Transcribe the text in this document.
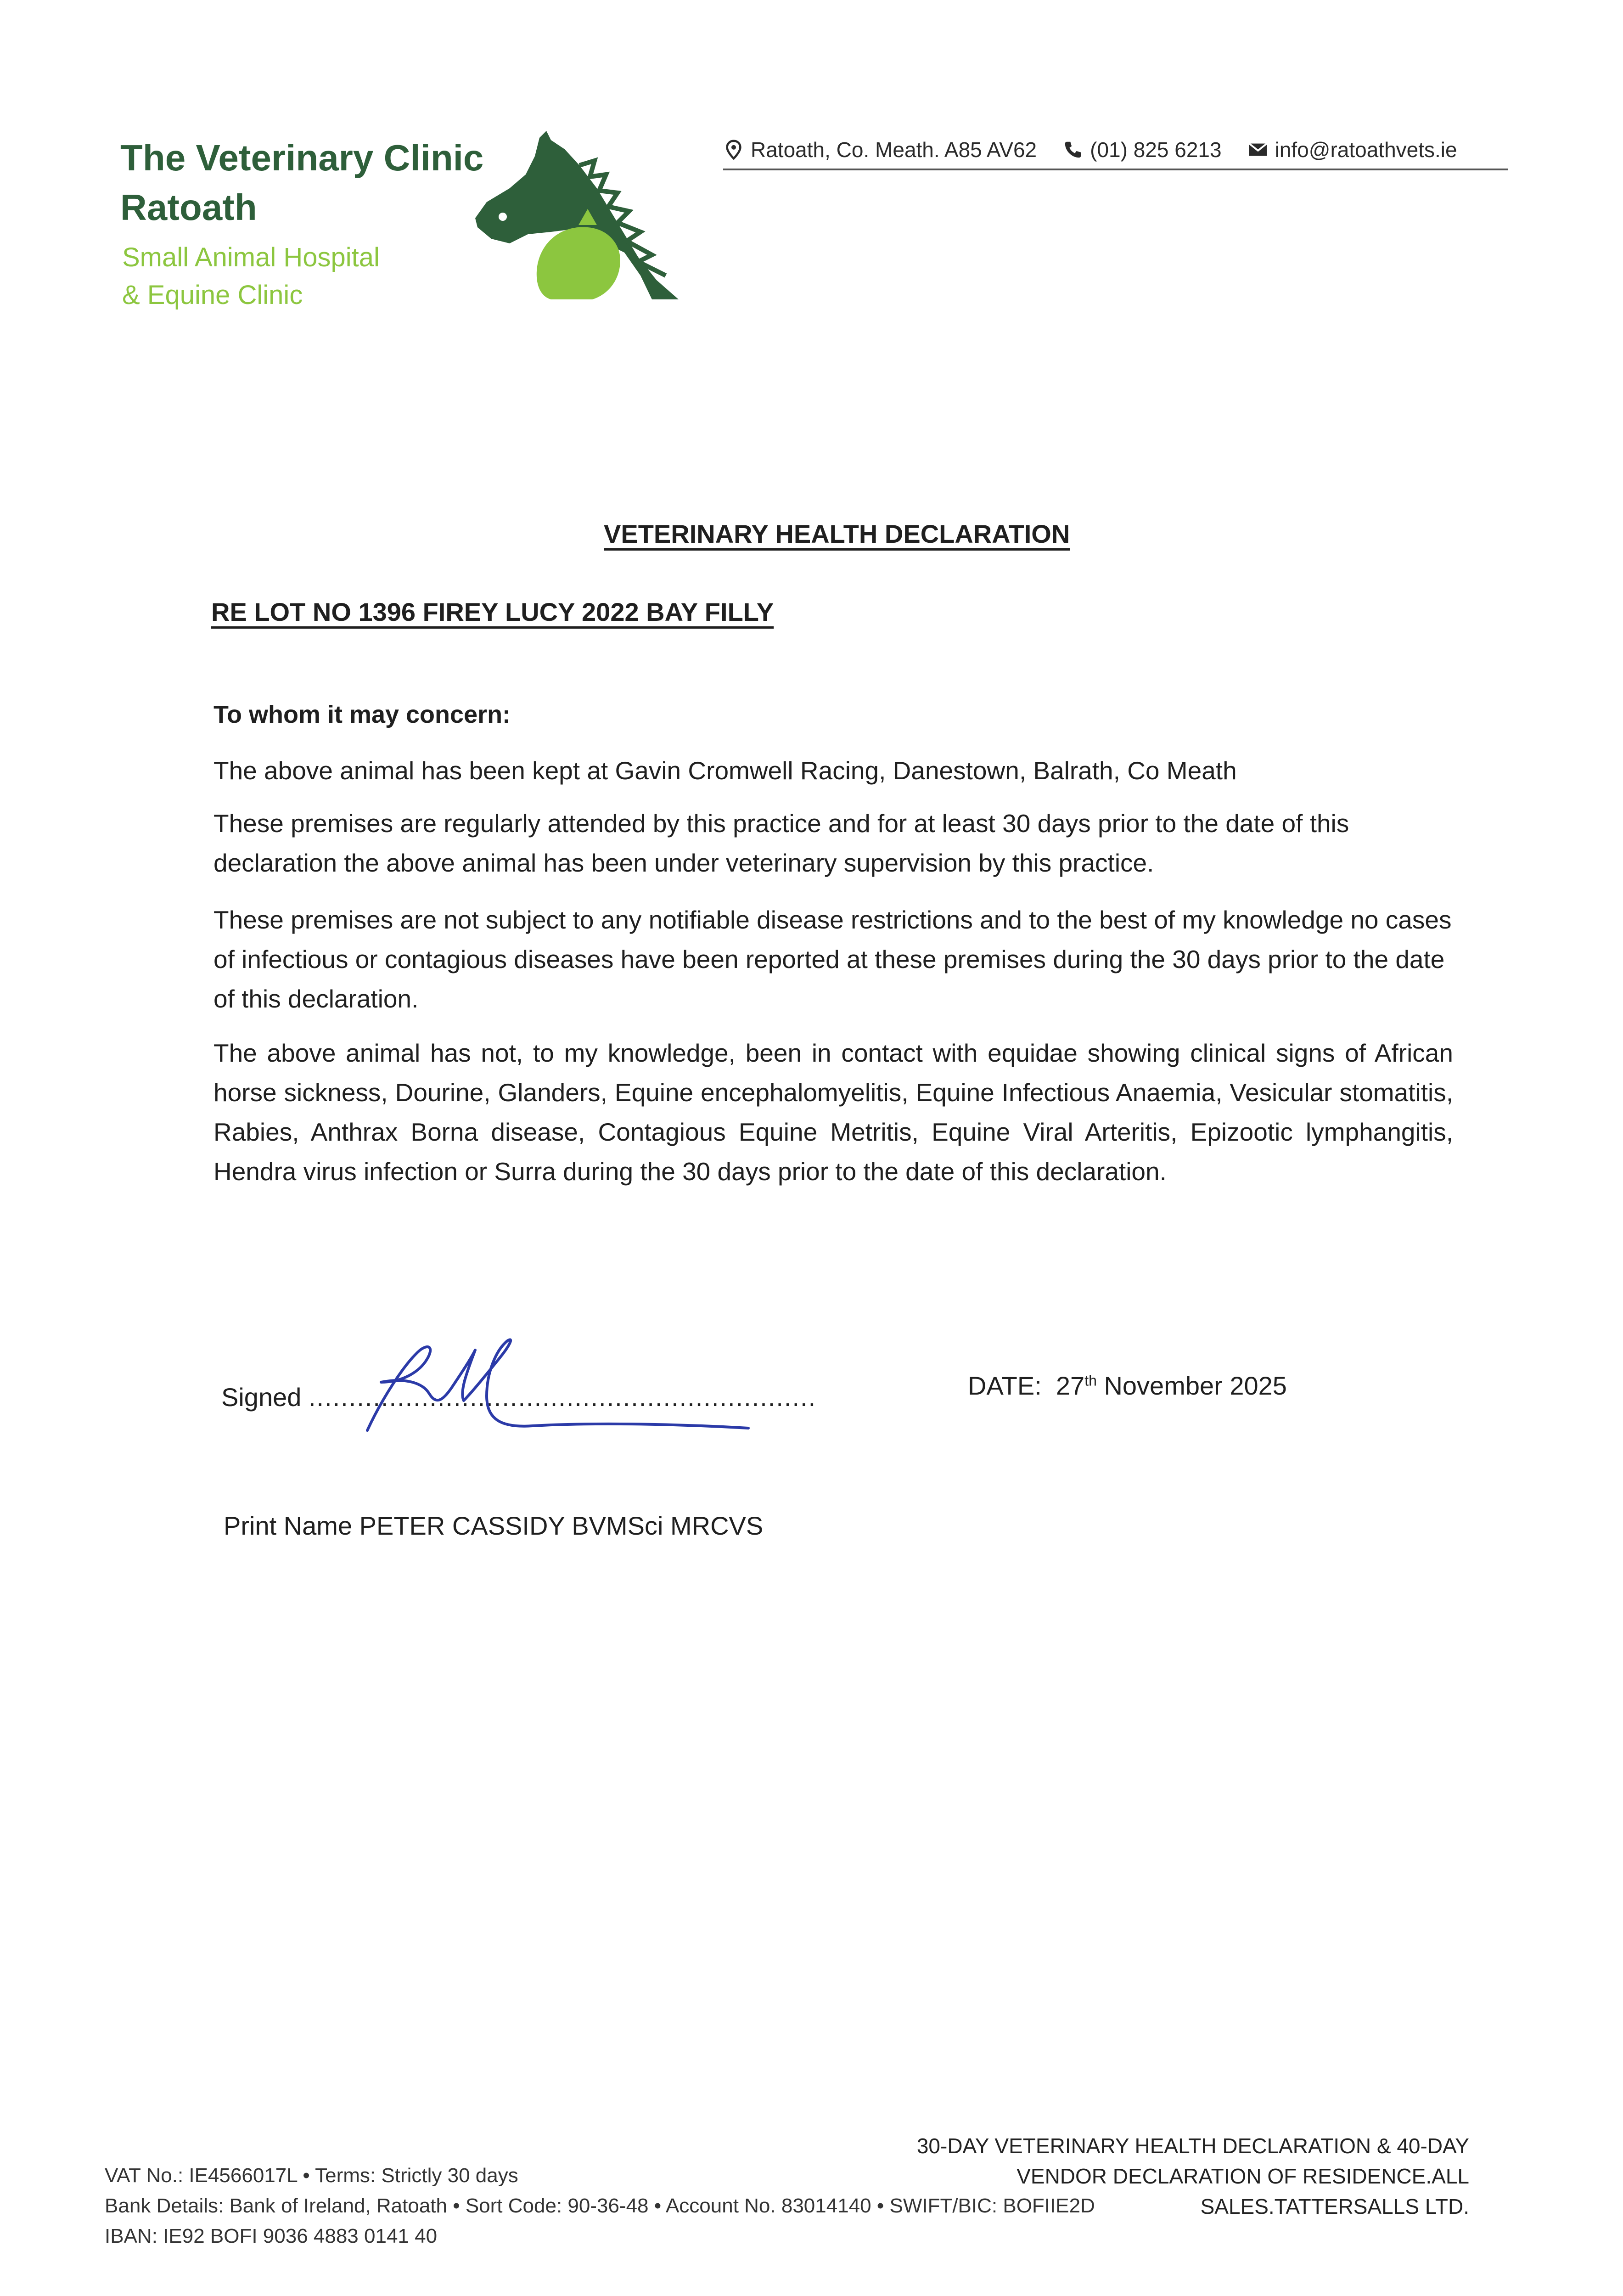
The Veterinary Clinic
Ratoath
Small Animal Hospital
& Equine Clinic
Ratoath, Co. Meath. A85 AV62	(01) 825 6213	info@ratoathvets.ie
VETERINARY HEALTH DECLARATION
RE LOT NO 1396 FIREY LUCY 2022 BAY FILLY
To whom it may concern:
The above animal has been kept at Gavin Cromwell Racing, Danestown, Balrath, Co Meath
These premises are regularly attended by this practice and for at least 30 days prior to the date of this declaration the above animal has been under veterinary supervision by this practice.
These premises are not subject to any notifiable disease restrictions and to the best of my knowledge no cases of infectious or contagious diseases have been reported at these premises during the 30 days prior to the date of this declaration.
The above animal has not, to my knowledge, been in contact with equidae showing clinical signs of African horse sickness, Dourine, Glanders, Equine encephalomyelitis, Equine Infectious Anaemia, Vesicular stomatitis, Rabies, Anthrax Borna disease, Contagious Equine Metritis, Equine Viral Arteritis, Epizootic lymphangitis, Hendra virus infection or Surra during the 30 days prior to the date of this declaration.
Signed
...............................................................	DATE: 27th November 2025
Print Name PETER CASSIDY BVMSci MRCVS
VAT No.: IE4566017L • Terms: Strictly 30 days
Bank Details: Bank of Ireland, Ratoath • Sort Code: 90-36-48 • Account No. 83014140 • SWIFT/BIC: BOFIIE2D
IBAN: IE92 BOFI 9036 4883 0141 40
30-DAY VETERINARY HEALTH DECLARATION & 40-DAY
VENDOR DECLARATION OF RESIDENCE.ALL SALES.TATTERSALLS LTD.
